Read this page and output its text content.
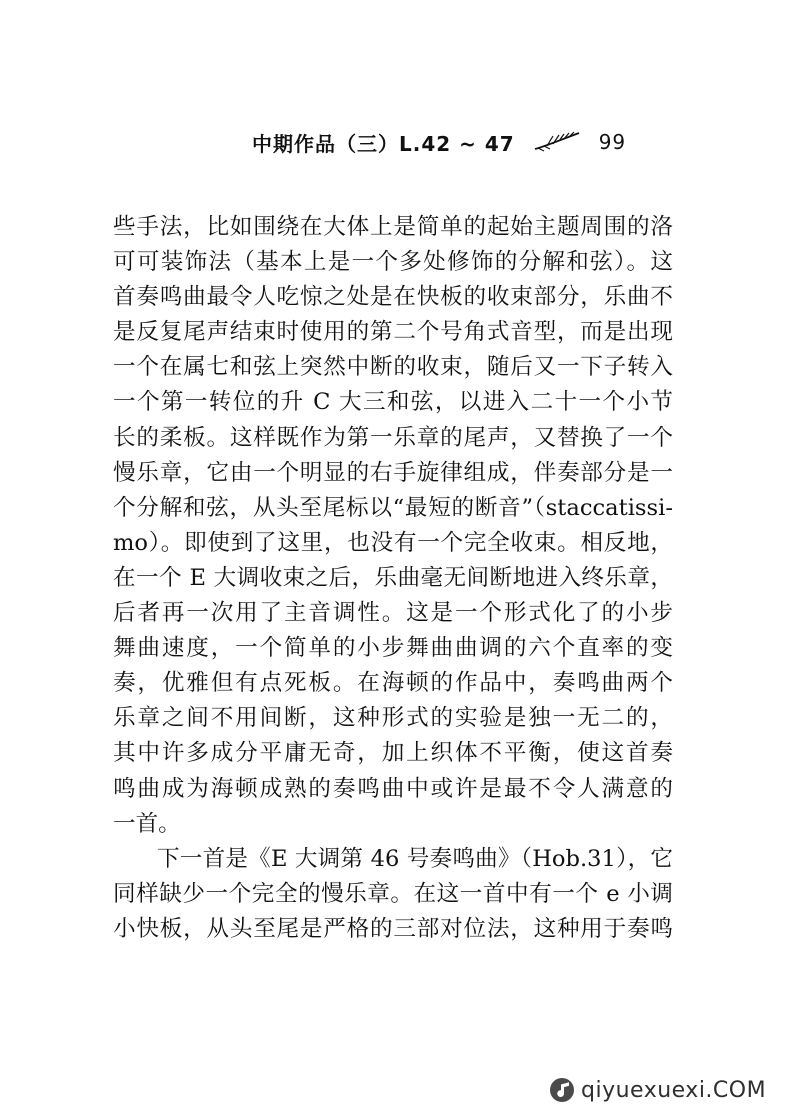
中期作品（三）L.42 ~ 47	99
些手法，比如围绕在大体上是简单的起始主题周围的洛
可可装饰法（基本上是一个多处修饰的分解和弦）。这
首奏鸣曲最令人吃惊之处是在快板的收束部分，乐曲不
是反复尾声结束时使用的第二个号角式音型，而是出现
一个在属七和弦上突然中断的收束，随后又一下子转入
一个第一转位的升 C 大三和弦，以进入二十一个小节
长的柔板。这样既作为第一乐章的尾声，又替换了一个
慢乐章，它由一个明显的右手旋律组成，伴奏部分是一
个分解和弦，从头至尾标以“最短的断音”（staccatissi-
mo）。即使到了这里，也没有一个完全收束。相反地，
在一个 E 大调收束之后，乐曲毫无间断地进入终乐章，
后者再一次用了主音调性。这是一个形式化了的小步
舞曲速度，一个简单的小步舞曲曲调的六个直率的变
奏，优雅但有点死板。在海顿的作品中，奏鸣曲两个
乐章之间不用间断，这种形式的实验是独一无二的，
其中许多成分平庸无奇，加上织体不平衡，使这首奏
鸣曲成为海顿成熟的奏鸣曲中或许是最不令人满意的
一首。
下一首是《E 大调第 46 号奏鸣曲》（Hob.31），它
同样缺少一个完全的慢乐章。在这一首中有一个 e 小调
小快板，从头至尾是严格的三部对位法，这种用于奏鸣
qiyuexuexi.COM
